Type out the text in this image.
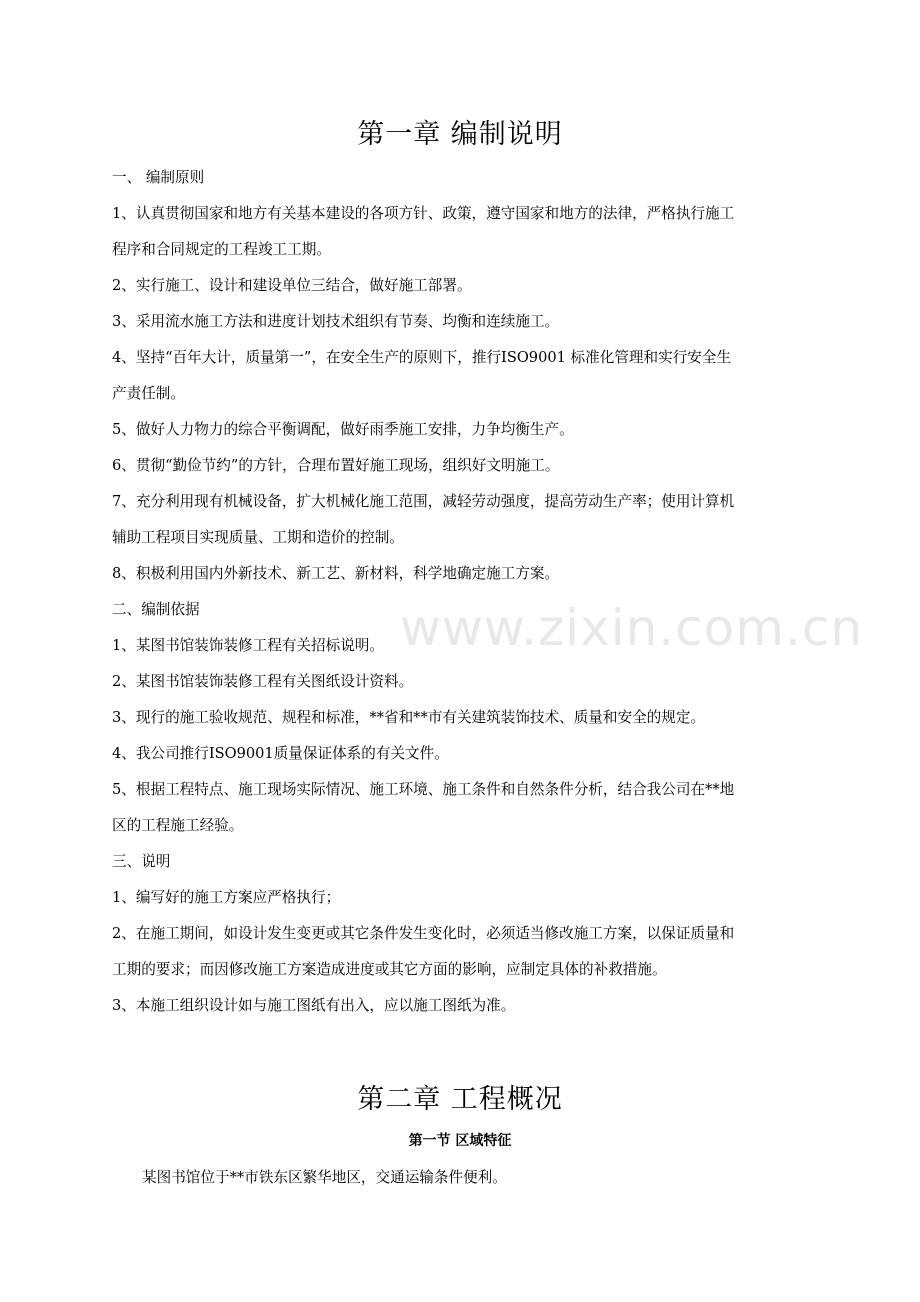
第一章 编制说明

一、 编制原则

1、认真贯彻国家和地方有关基本建设的各项方针、政策，遵守国家和地方的法律，严格执行施工

程序和合同规定的工程竣工工期。

2、实行施工、设计和建设单位三结合，做好施工部署。

3、采用流水施工方法和进度计划技术组织有节奏、均衡和连续施工。

4、坚持“百年大计，质量第一”，在安全生产的原则下，推行ISO9001 标准化管理和实行安全生

产责任制。

5、做好人力物力的综合平衡调配，做好雨季施工安排，力争均衡生产。

6、贯彻“勤俭节约”的方针，合理布置好施工现场，组织好文明施工。

7、充分利用现有机械设备，扩大机械化施工范围，减轻劳动强度，提高劳动生产率；使用计算机

辅助工程项目实现质量、工期和造价的控制。

8、积极利用国内外新技术、新工艺、新材料，科学地确定施工方案。

二、编制依据

1、某图书馆装饰装修工程有关招标说明。

2、某图书馆装饰装修工程有关图纸设计资料。

3、现行的施工验收规范、规程和标准，**省和**市有关建筑装饰技术、质量和安全的规定。

4、我公司推行ISO9001质量保证体系的有关文件。

5、根据工程特点、施工现场实际情况、施工环境、施工条件和自然条件分析，结合我公司在**地

区的工程施工经验。

三、说明

1、编写好的施工方案应严格执行；

2、在施工期间，如设计发生变更或其它条件发生变化时，必须适当修改施工方案，以保证质量和

工期的要求；而因修改施工方案造成进度或其它方面的影响，应制定具体的补救措施。

3、本施工组织设计如与施工图纸有出入，应以施工图纸为准。

第二章 工程概况
第一节 区域特征

某图书馆位于**市铁东区繁华地区，交通运输条件便利。

www.zixin.com.cn
